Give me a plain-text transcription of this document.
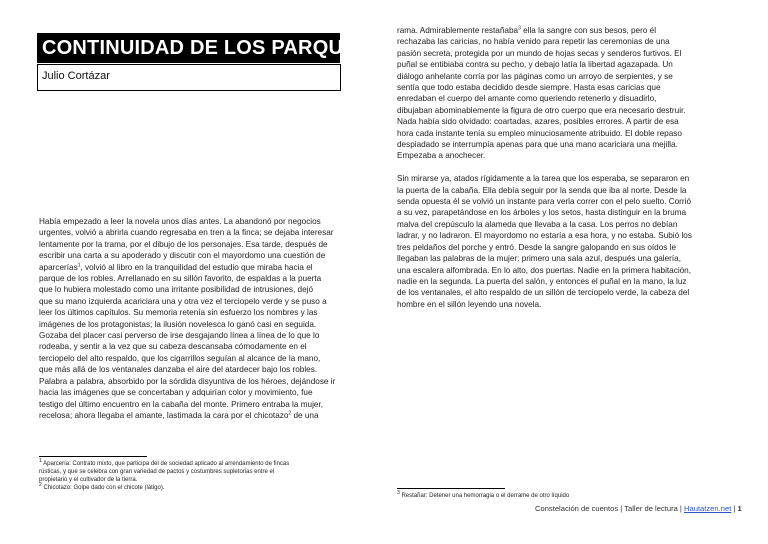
CONTINUIDAD DE LOS PARQUES
Julio Cortázar

Había empezado a leer la novela unos días antes. La abandonó por negocios

urgentes, volvió a abrirla cuando regresaba en tren a la finca; se dejaba interesar

lentamente por la trama, por el dibujo de los personajes. Esa tarde, después de

escribir una carta a su apoderado y discutir con el mayordomo una cuestión de

aparcerías$^1$, volvió al libro en la tranquilidad del estudio que miraba hacia el

parque de los robles. Arrellanado en su sillón favorito, de espaldas a la puerta

que lo hubiera molestado como una irritante posibilidad de intrusiones, dejó

que su mano izquierda acariciara una y otra vez el terciopelo verde y se puso a

leer los últimos capítulos. Su memoria retenía sin esfuerzo los nombres y las

imágenes de los protagonistas; la ilusión novelesca lo ganó casi en seguida.

Gozaba del placer casi perverso de irse desgajando línea a línea de lo que lo

rodeaba, y sentir a la vez que su cabeza descansaba cómodamente en el

terciopelo del alto respaldo, que los cigarrillos seguían al alcance de la mano,

que más allá de los ventanales danzaba el aire del atardecer bajo los robles.

Palabra a palabra, absorbido por la sórdida disyuntiva de los héroes, dejándose ir

hacia las imágenes que se concertaban y adquirían color y movimiento, fue

testigo del último encuentro en la cabaña del monte. Primero entraba la mujer,

recelosa; ahora llegaba el amante, lastimada la cara por el chicotazo$^2$ de una

$^1$ Aparcería: Contrato mixto, que participa del de sociedad aplicado al arrendamiento de fincas
rústicas, y que se celebra con gran variedad de pactos y costumbres supletorias entre el
propietario y el cultivador de la tierra.
$^2$ Chicotazo: Golpe dado con el chicote (látigo).

rama. Admirablemente restañaba$^3$ ella la sangre con sus besos, pero él

rechazaba las caricias, no había venido para repetir las ceremonias de una

pasión secreta, protegida por un mundo de hojas secas y senderos furtivos. El

puñal se entibiaba contra su pecho, y debajo latía la libertad agazapada. Un

diálogo anhelante corría por las páginas como un arroyo de serpientes, y se

sentía que todo estaba decidido desde siempre. Hasta esas caricias que

enredaban el cuerpo del amante como queriendo retenerlo y disuadirlo,

dibujaban abominablemente la figura de otro cuerpo que era necesario destruir.

Nada había sido olvidado: coartadas, azares, posibles errores. A partir de esa

hora cada instante tenía su empleo minuciosamente atribuido. El doble repaso

despiadado se interrumpía apenas para que una mano acariciara una mejilla.

Empezaba a anochecer.

Sin mirarse ya, atados rígidamente a la tarea que los esperaba, se separaron en

la puerta de la cabaña. Ella debía seguir por la senda que iba al norte. Desde la

senda opuesta él se volvió un instante para verla correr con el pelo suelto. Corrió

a su vez, parapetándose en los árboles y los setos, hasta distinguir en la bruma

malva del crepúsculo la alameda que llevaba a la casa. Los perros no debían

ladrar, y no ladraron. El mayordomo no estaría a esa hora, y no estaba. Subió los

tres peldaños del porche y entró. Desde la sangre galopando en sus oídos le

llegaban las palabras de la mujer: primero una sala azul, después una galería,

una escalera alfombrada. En lo alto, dos puertas. Nadie en la primera habitación,

nadie en la segunda. La puerta del salón, y entonces el puñal en la mano, la luz

de los ventanales, el alto respaldo de un sillón de terciopelo verde, la cabeza del

hombre en el sillón leyendo una novela.

$^3$ Restañar: Detener una hemorragia o el derrame de otro líquido
Constelación de cuentos | Taller de lectura | Hautatzen.net | 1
